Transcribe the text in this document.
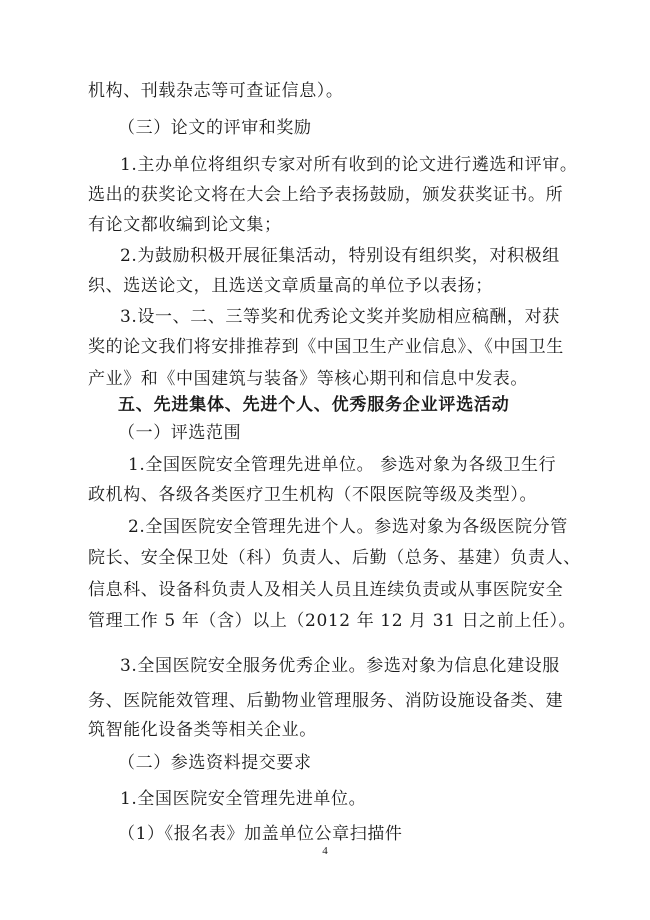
机构、刊载杂志等可查证信息）。
（三）论文的评审和奖励
1.主办单位将组织专家对所有收到的论文进行遴选和评审。
选出的获奖论文将在大会上给予表扬鼓励，颁发获奖证书。所
有论文都收编到论文集；
2.为鼓励积极开展征集活动，特别设有组织奖，对积极组
织、选送论文，且选送文章质量高的单位予以表扬；
3.设一、二、三等奖和优秀论文奖并奖励相应稿酬，对获
奖的论文我们将安排推荐到《中国卫生产业信息》、《中国卫生
产业》和《中国建筑与装备》等核心期刊和信息中发表。
五、先进集体、先进个人、优秀服务企业评选活动
（一）评选范围
1.全国医院安全管理先进单位。 参选对象为各级卫生行
政机构、各级各类医疗卫生机构（不限医院等级及类型）。
2.全国医院安全管理先进个人。参选对象为各级医院分管
院长、安全保卫处（科）负责人、后勤（总务、基建）负责人、
信息科、设备科负责人及相关人员且连续负责或从事医院安全
管理工作 5 年（含）以上（2012 年 12 月 31 日之前上任）。
3.全国医院安全服务优秀企业。参选对象为信息化建设服
务、医院能效管理、后勤物业管理服务、消防设施设备类、建
筑智能化设备类等相关企业。
（二）参选资料提交要求
1.全国医院安全管理先进单位。
（1）《报名表》加盖单位公章扫描件
4
